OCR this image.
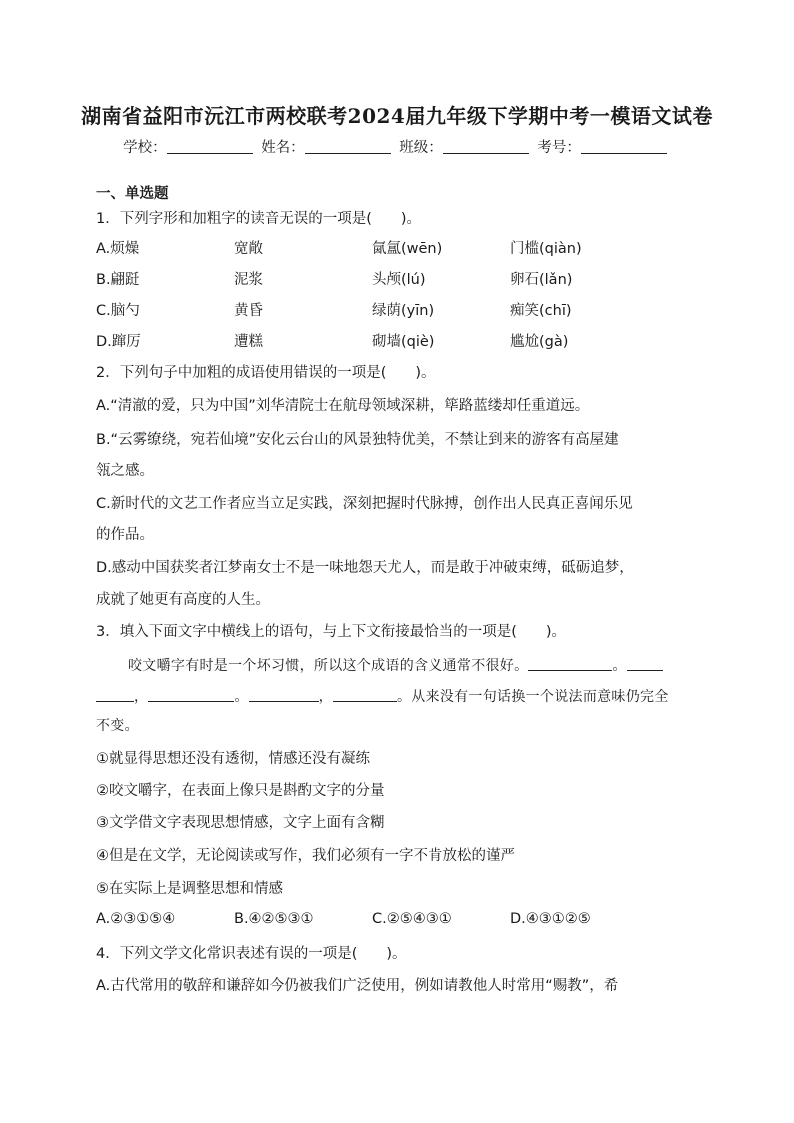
湖南省益阳市沅江市两校联考2024届九年级下学期中考一模语文试卷
学校：	姓名：	班级：	考号：
一、单选题
1．下列字形和加粗字的读音无误的一项是(　　)。
A.烦燥	宽敞	氤氲(wēn)	门槛(qiàn)
B.翩跹	泥浆	头颅(lú)	卵石(lǎn)
C.脑勺	黄昏	绿荫(yīn)	痴笑(chī)
D.蹿厉	遭糕	砌墙(qiè)	尴尬(gà)
2．下列句子中加粗的成语使用错误的一项是(　　)。
A.“清澈的爱，只为中国”刘华清院士在航母领域深耕，筚路蓝缕却任重道远。
B.“云雾缭绕，宛若仙境”安化云台山的风景独特优美，不禁让到来的游客有高屋建
瓴之感。
C.新时代的文艺工作者应当立足实践，深刻把握时代脉搏，创作出人民真正喜闻乐见
的作品。
D.感动中国获奖者江梦南女士不是一味地怨天尤人，而是敢于冲破束缚，砥砺追梦，
成就了她更有高度的人生。
3．填入下面文字中横线上的语句，与上下文衔接最恰当的一项是(　　)。
咬文嚼字有时是一个坏习惯，所以这个成语的含义通常不很好。	。
，	。	，	。从来没有一句话换一个说法而意味仍完全
不变。
①就显得思想还没有透彻，情感还没有凝练
②咬文嚼字，在表面上像只是斟酌文字的分量
③文学借文字表现思想情感，文字上面有含糊
④但是在文学，无论阅读或写作，我们必须有一字不肯放松的谨严
⑤在实际上是调整思想和情感
A.②③①⑤④	B.④②⑤③①	C.②⑤④③①	D.④③①②⑤
4．下列文学文化常识表述有误的一项是(　　)。
A.古代常用的敬辞和谦辞如今仍被我们广泛使用，例如请教他人时常用“赐教”，希
